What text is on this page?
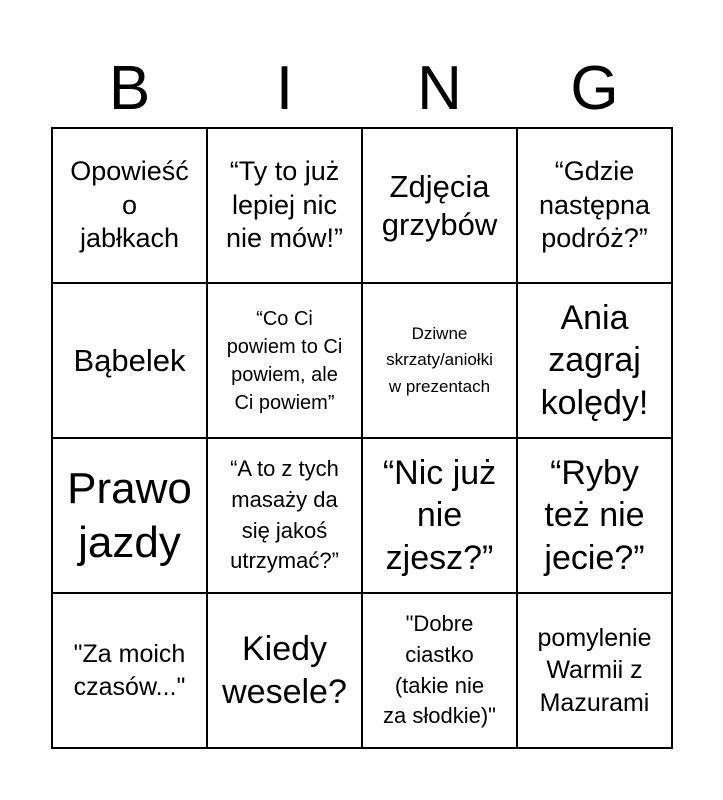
B	I	N	G
Opowieść
o
jabłkach
“Ty to już
lepiej nic
nie mów!”
Zdjęcia
grzybów
“Gdzie
następna
podróż?”
Bąbelek
“Co Ci
powiem to Ci
powiem, ale
Ci powiem”
Dziwne
skrzaty/aniołki
w prezentach
Ania
zagraj
kolędy!
Prawo
jazdy
“A to z tych
masaży da
się jakoś
utrzymać?”
“Nic już
nie
zjesz?”
“Ryby
też nie
jecie?”
"Za moich
czasów..."
Kiedy
wesele?
"Dobre
ciastko
(takie nie
za słodkie)"
pomylenie
Warmii z
Mazurami
